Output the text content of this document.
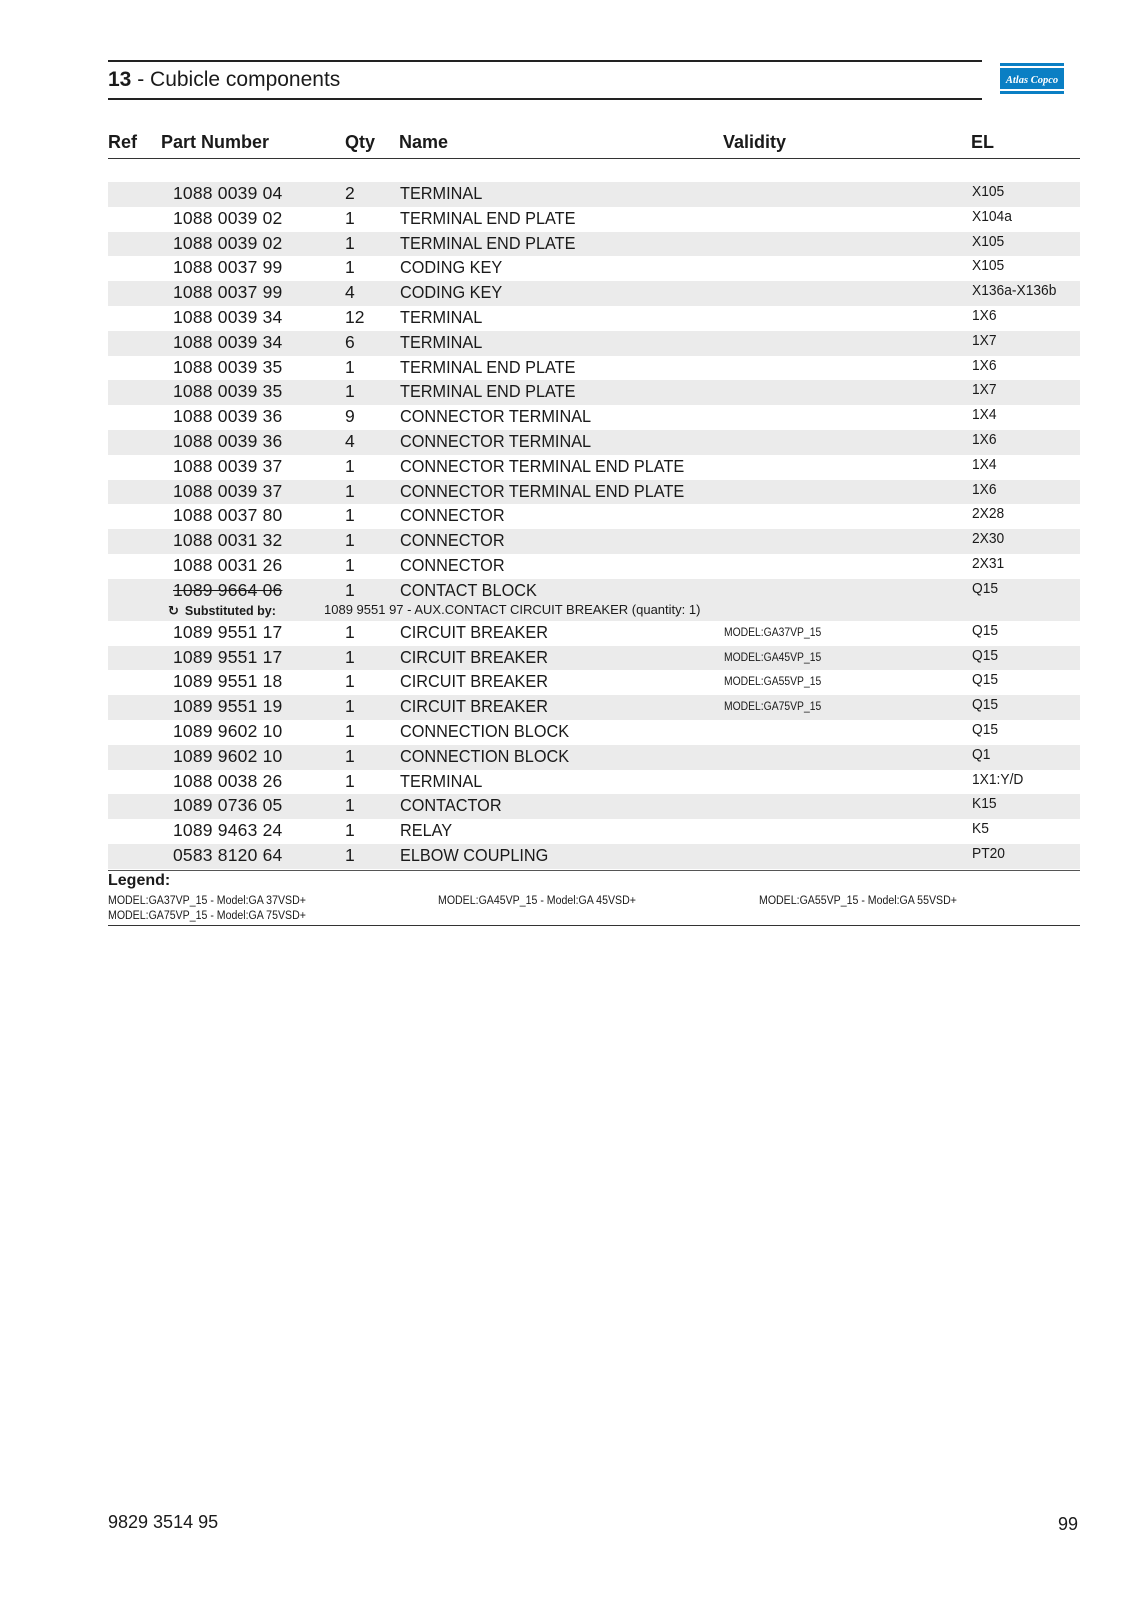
13 - Cubicle components	Atlas Copco
Ref Part Number	Qty Name	Validity	EL
1088 0039 04	2	TERMINAL	X105
1088 0039 02	1	TERMINAL END PLATE	X104a
1088 0039 02	1	TERMINAL END PLATE	X105
1088 0037 99	1	CODING KEY	X105
1088 0037 99	4	CODING KEY	X136a-X136b
1088 0039 34	12 TERMINAL	1X6
1088 0039 34	6	TERMINAL	1X7
1088 0039 35	1	TERMINAL END PLATE	1X6
1088 0039 35	1	TERMINAL END PLATE	1X7
1088 0039 36	9	CONNECTOR TERMINAL	1X4
1088 0039 36	4	CONNECTOR TERMINAL	1X6
1088 0039 37	1	CONNECTOR TERMINAL END PLATE	1X4
1088 0039 37	1	CONNECTOR TERMINAL END PLATE	1X6
1088 0037 80	1	CONNECTOR	2X28
1088 0031 32	1	CONNECTOR	2X30
1088 0031 26	1	CONNECTOR	2X31
1089 9664 06	1	CONTACT BLOCK	Q15
↻ Substituted by:	1089 9551 97 - AUX.CONTACT CIRCUIT BREAKER (quantity: 1)
1089 9551 17	1	CIRCUIT BREAKER	MODEL:GA37VP_15	Q15
1089 9551 17	1	CIRCUIT BREAKER	MODEL:GA45VP_15	Q15
1089 9551 18	1	CIRCUIT BREAKER	MODEL:GA55VP_15	Q15
1089 9551 19	1	CIRCUIT BREAKER	MODEL:GA75VP_15	Q15
1089 9602 10	1	CONNECTION BLOCK	Q15
1089 9602 10	1	CONNECTION BLOCK	Q1
1088 0038 26	1	TERMINAL	1X1:Y/D
1089 0736 05	1	CONTACTOR	K15
1089 9463 24	1	RELAY	K5
0583 8120 64	1	ELBOW COUPLING	PT20
Legend:
MODEL:GA37VP_15 - Model:GA 37VSD+	MODEL:GA45VP_15 - Model:GA 45VSD+	MODEL:GA55VP_15 - Model:GA 55VSD+
MODEL:GA75VP_15 - Model:GA 75VSD+
9829 3514 95	99
